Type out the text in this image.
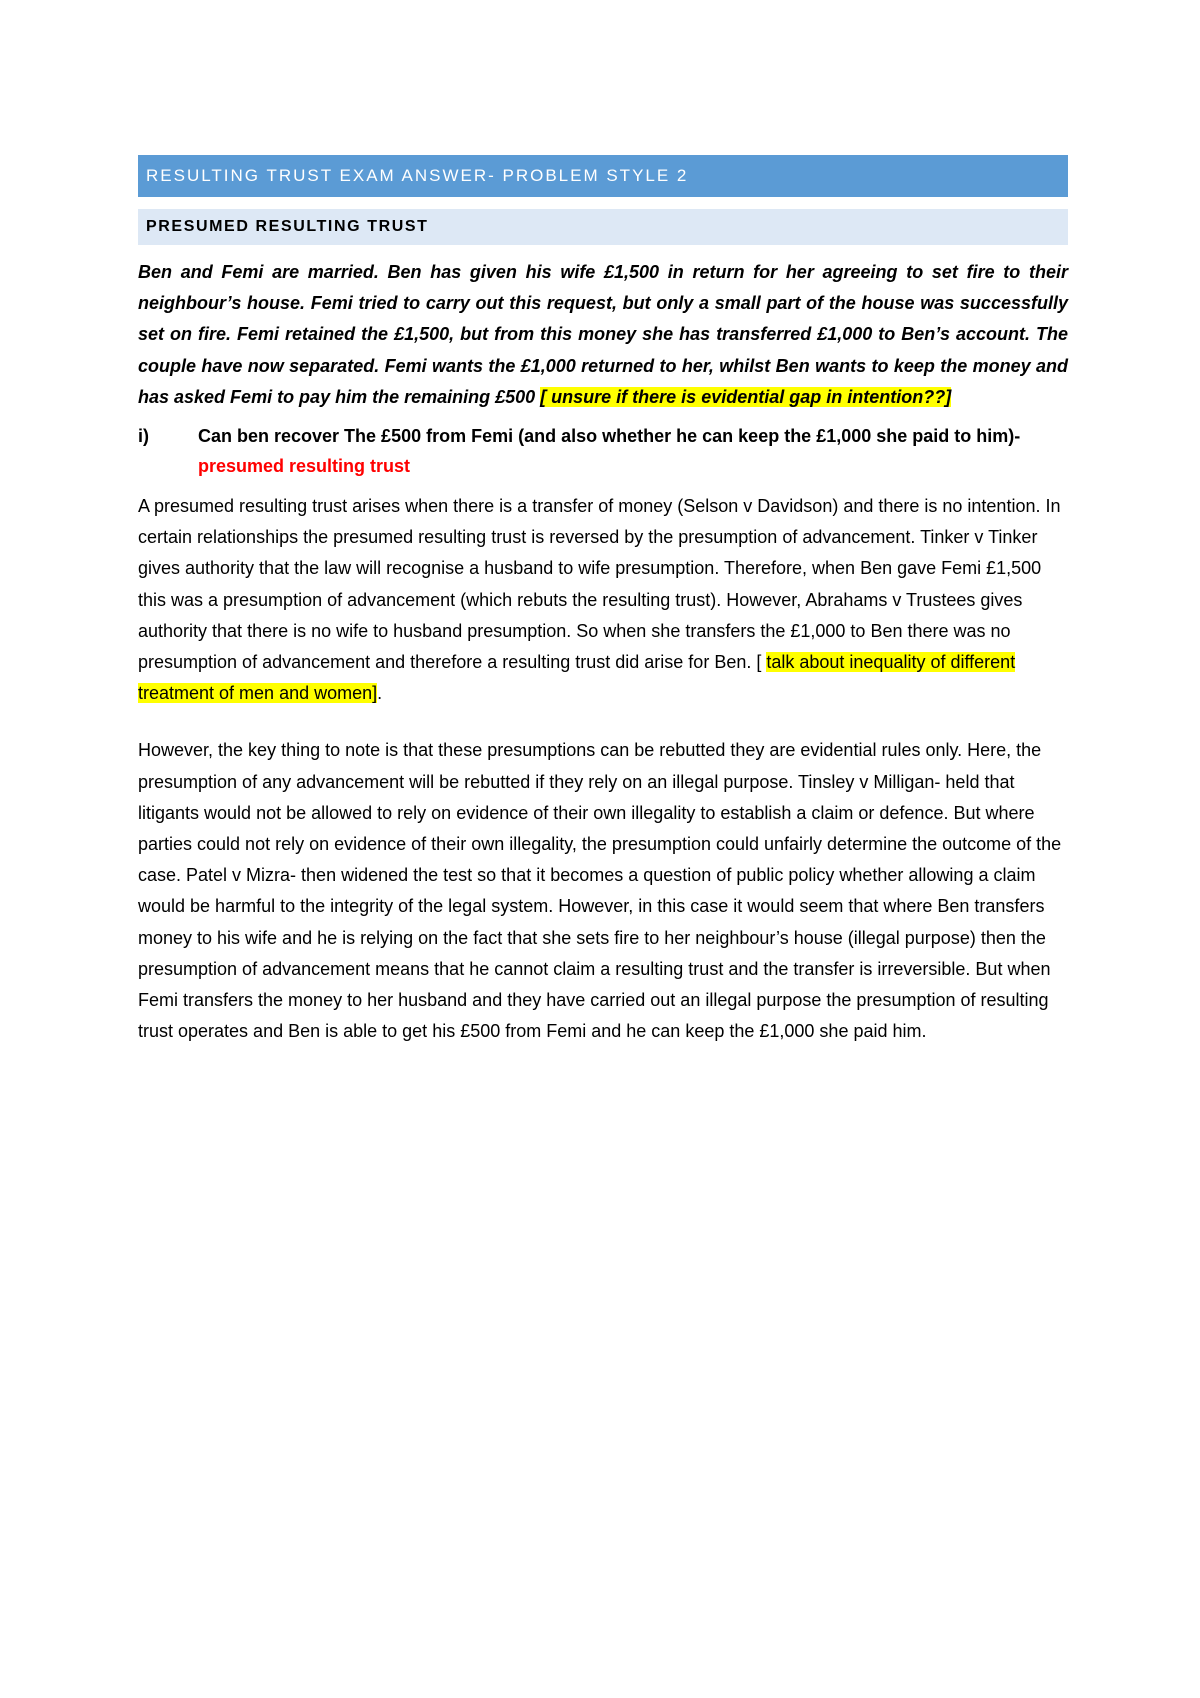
RESULTING TRUST EXAM ANSWER- PROBLEM STYLE 2
PRESUMED RESULTING TRUST

Ben and Femi are married. Ben has given his wife £1,500 in return for her agreeing to set fire to their neighbour’s house. Femi tried to carry out this request, but only a small part of the house was successfully set on fire. Femi retained the £1,500, but from this money she has transferred £1,000 to Ben’s account. The couple have now separated. Femi wants the £1,000 returned to her, whilst Ben wants to keep the money and has asked Femi to pay him the remaining £500 [ unsure if there is evidential gap in intention??]

i)	Can ben recover The £500 from Femi (and also whether he can keep the £1,000 she paid to him)- presumed resulting trust

A presumed resulting trust arises when there is a transfer of money (Selson v Davidson) and there is no intention. In certain relationships the presumed resulting trust is reversed by the presumption of advancement. Tinker v Tinker gives authority that the law will recognise a husband to wife presumption. Therefore, when Ben gave Femi £1,500 this was a presumption of advancement (which rebuts the resulting trust). However, Abrahams v Trustees gives authority that there is no wife to husband presumption. So when she transfers the £1,000 to Ben there was no presumption of advancement and therefore a resulting trust did arise for Ben. [ talk about inequality of different treatment of men and women].

However, the key thing to note is that these presumptions can be rebutted they are evidential rules only. Here, the presumption of any advancement will be rebutted if they rely on an illegal purpose. Tinsley v Milligan- held that litigants would not be allowed to rely on evidence of their own illegality to establish a claim or defence. But where parties could not rely on evidence of their own illegality, the presumption could unfairly determine the outcome of the case. Patel v Mizra- then widened the test so that it becomes a question of public policy whether allowing a claim would be harmful to the integrity of the legal system. However, in this case it would seem that where Ben transfers money to his wife and he is relying on the fact that she sets fire to her neighbour’s house (illegal purpose) then the presumption of advancement means that he cannot claim a resulting trust and the transfer is irreversible. But when Femi transfers the money to her husband and they have carried out an illegal purpose the presumption of resulting trust operates and Ben is able to get his £500 from Femi and he can keep the £1,000 she paid him.
